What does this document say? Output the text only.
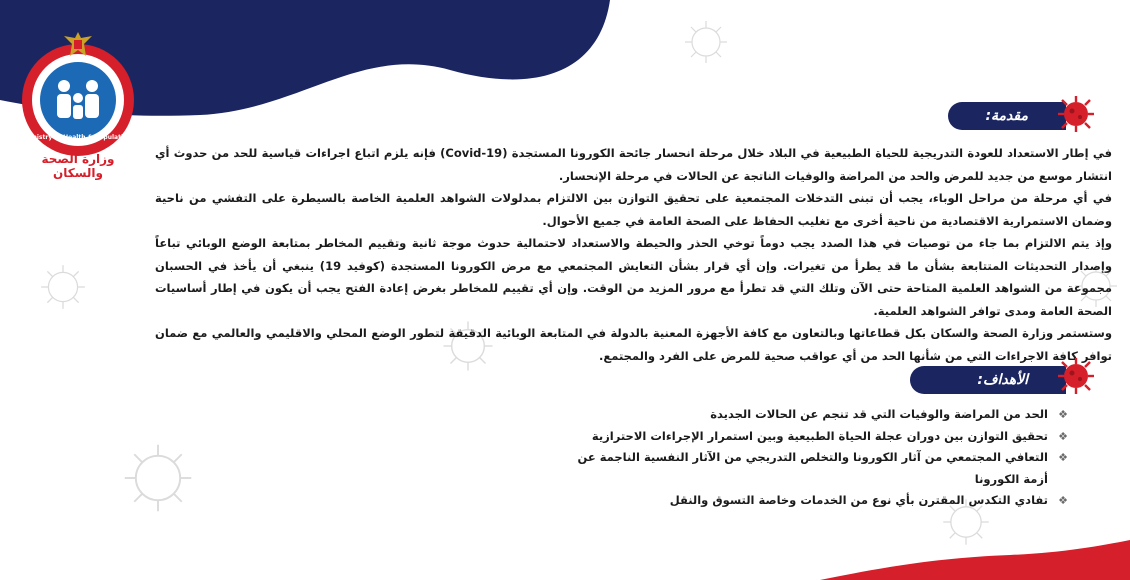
Ministry of Health & Population
وزارة الصحة والسكان
مقدمة:

في إطار الاستعداد للعودة التدريجية للحياة الطبيعية في البلاد خلال مرحلة انحسار جائحة الكورونا المستجدة (Covid-19) فإنه يلزم اتباع اجراءات قياسية للحد من حدوث أي انتشار موسع من جديد للمرض والحد من المراضة والوفيات الناتجة عن الحالات في مرحلة الإنحسار.

في أي مرحلة من مراحل الوباء، يجب أن تبنى التدخلات المجتمعية على تحقيق التوازن بين الالتزام بمدلولات الشواهد العلمية الخاصة بالسيطرة على التفشي من ناحية وضمان الاستمرارية الاقتصادية من ناحية أخرى مع تغليب الحفاظ على الصحة العامة في جميع الأحوال.

وإذ يتم الالتزام بما جاء من توصيات في هذا الصدد يجب دوماً توخي الحذر والحيطة والاستعداد لاحتمالية حدوث موجة ثانية وتقييم المخاطر بمتابعة الوضع الوبائي تباعاً وإصدار التحديثات المتتابعة بشأن ما قد يطرأ من تغيرات. وإن أي قرار بشأن التعايش المجتمعي مع مرض الكورونا المستجدة (كوفيد 19) ينبغي أن يأخذ في الحسبان مجموعة من الشواهد العلمية المتاحة حتى الآن وتلك التي قد تطرأ مع مرور المزيد من الوقت. وإن أي تقييم للمخاطر بغرض إعادة الفتح يجب أن يكون في إطار أساسيات الصحة العامة ومدى توافر الشواهد العلمية.

وستستمر وزارة الصحة والسكان بكل قطاعاتها وبالتعاون مع كافة الأجهزة المعنية بالدولة في المتابعة الوبائية الدقيقة لتطور الوضع المحلي والاقليمي والعالمي مع ضمان توافر كافة الاجراءات التي من شأنها الحد من أي عواقب صحية للمرض على الفرد والمجتمع.

الأهداف:
❖
الحد من المراضة والوفيات التي قد تنجم عن الحالات الجديدة
❖
تحقيق التوازن بين دوران عجلة الحياة الطبيعية وبين استمرار الإجراءات الاحترازية
❖
التعافي المجتمعي من آثار الكورونا والتخلص التدريجي من الآثار النفسية الناجمة عن أزمة الكورونا
❖
تفادي التكدس المقترن بأي نوع من الخدمات وخاصة التسوق والنقل
